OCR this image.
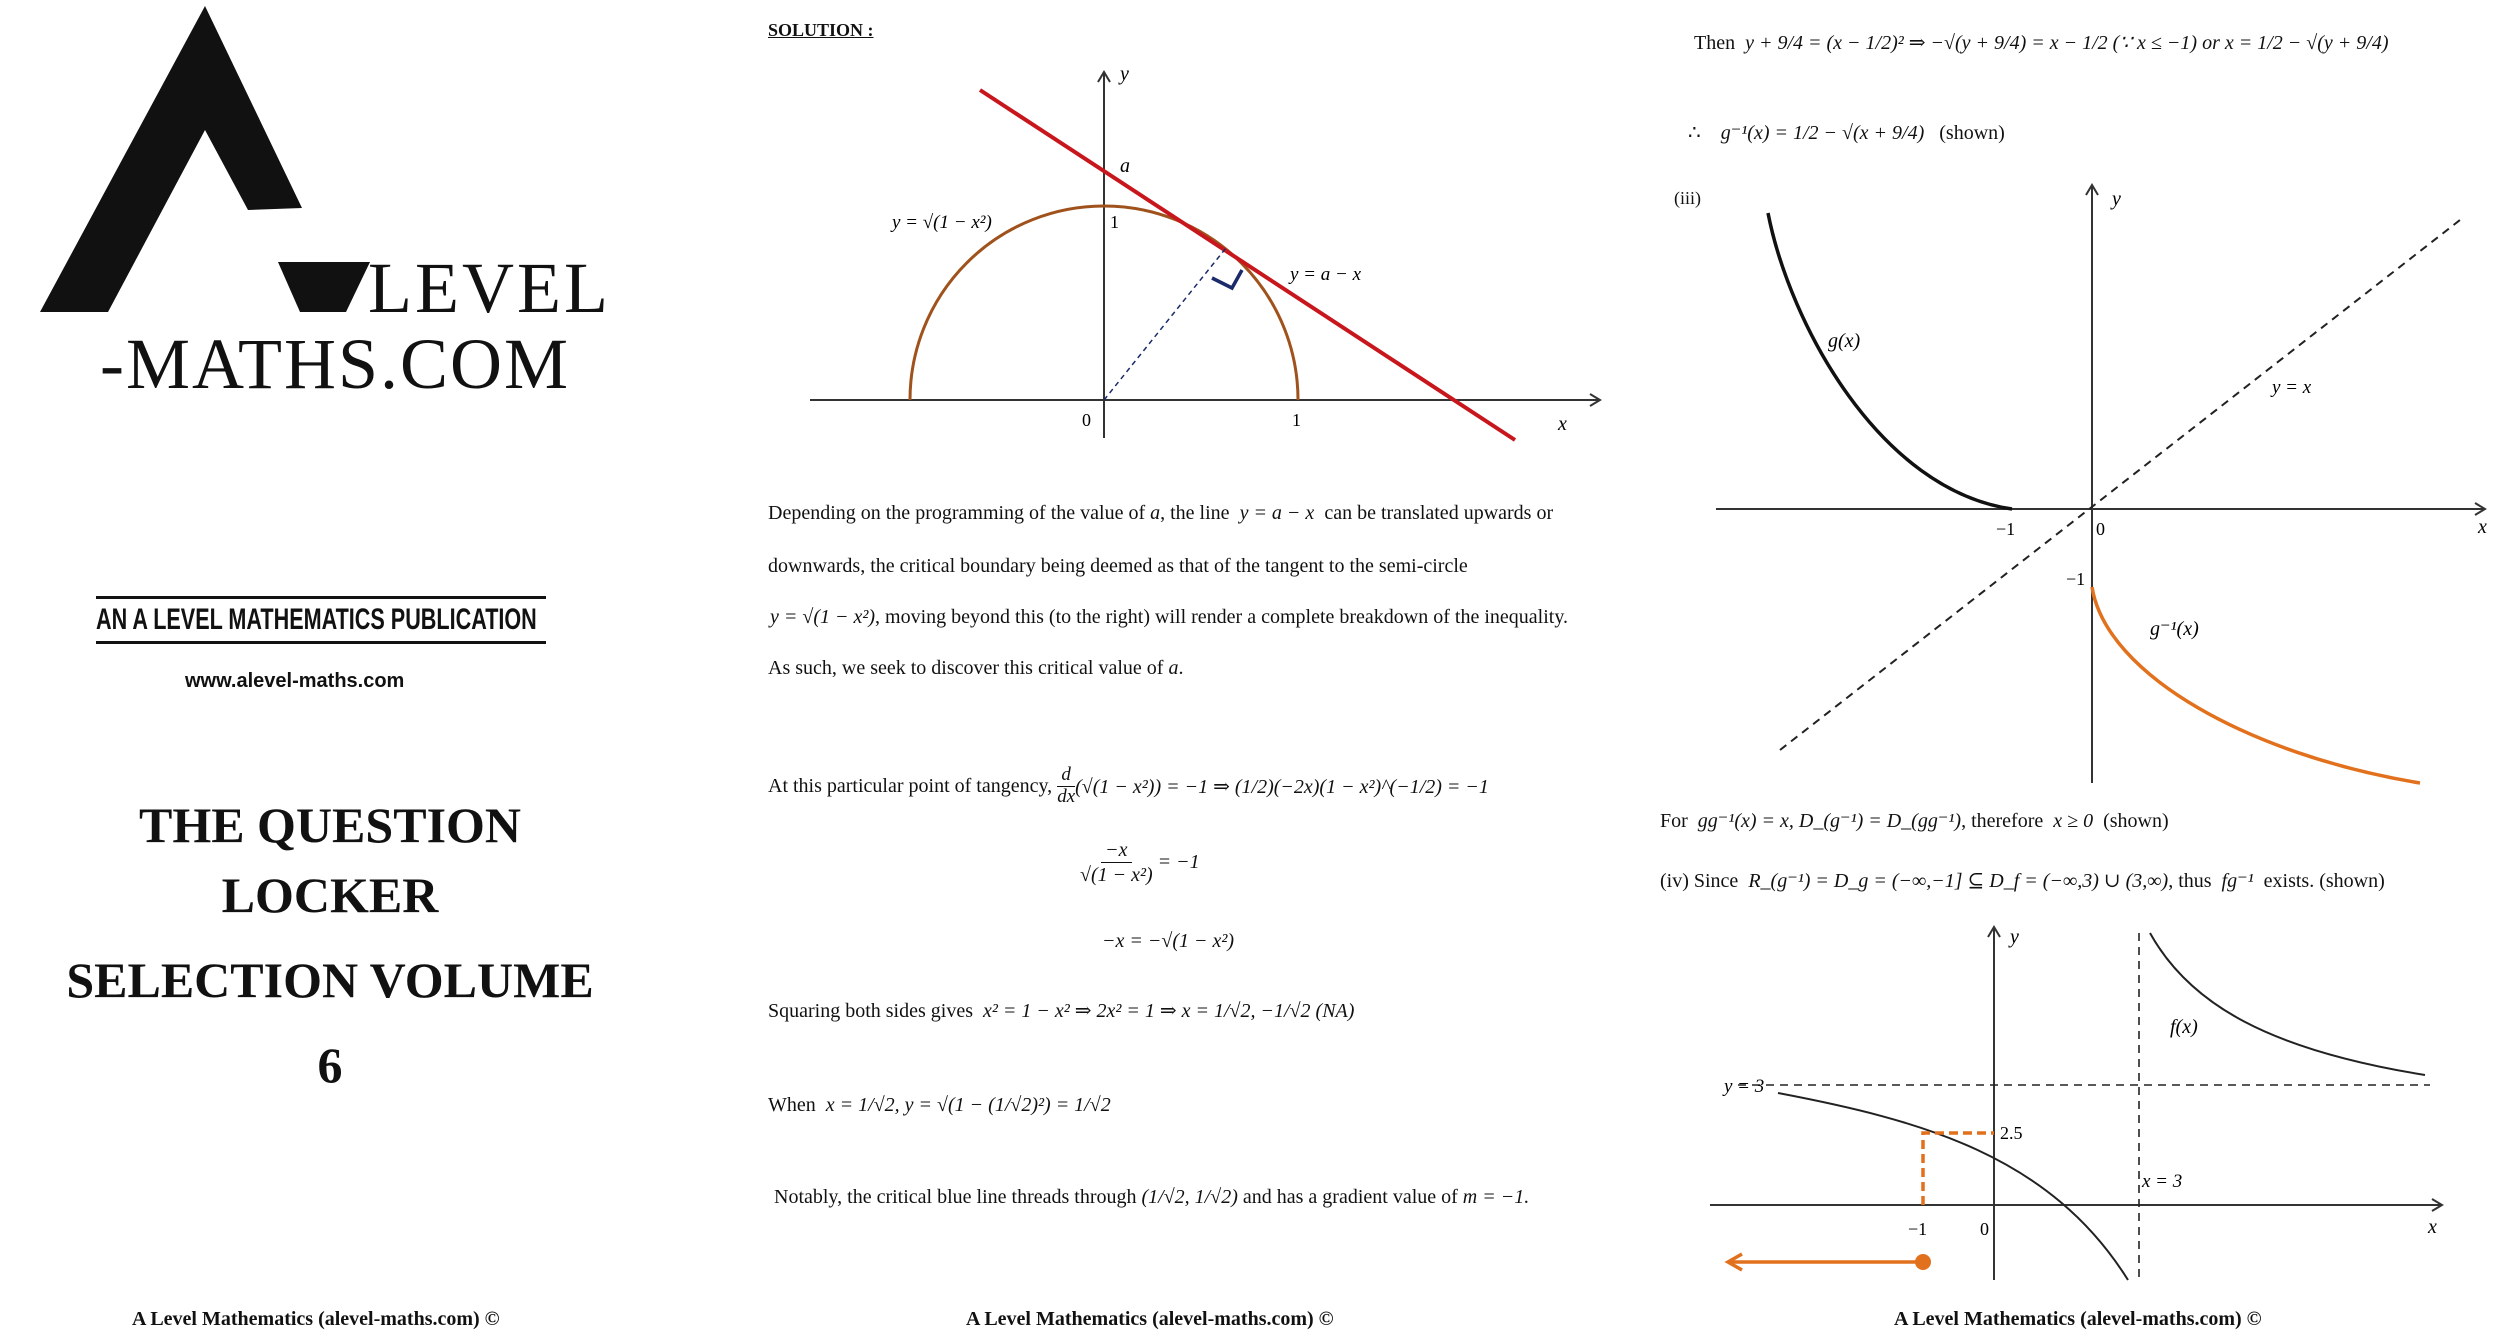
LEVEL
-MATHS.COM
AN A LEVEL MATHEMATICS PUBLICATION
www.alevel-maths.com
THE QUESTION
LOCKER
SELECTION VOLUME
6
A Level Mathematics (alevel-maths.com) ©
SOLUTION :
y
x
a
1
0	1
y = √(1 − x²)
y = a − x
Depending on the programming of the value of a, the line y = a − x can be translated upwards or
downwards, the critical boundary being deemed as that of the tangent to the semi-circle
y = √(1 − x²), moving beyond this (to the right) will render a complete breakdown of the inequality.
As such, we seek to discover this critical value of a.
At this particular point of tangency,
$\frac{d}{dx} (√(1 - x^2)) = -1$ ⇒ (1/2)(−2x)(1 − x²)^(−1/2) = −1
$\frac{-x}{\text{√(1 − x²)}}$
= −1
−x = −√(1 − x²)
Squaring both sides gives x² = 1 − x² ⇒ 2x² = 1 ⇒ x = 1/√2, −1/√2 (NA)
When x = 1/√2, y = √(1 − (1/√2)²) = 1/√2
Notably, the critical blue line threads through (1/√2, 1/√2) and has a gradient value of m = −1.
A Level Mathematics (alevel-maths.com) ©
Then y + 9/4 = (x − 1/2)² ⇒ −√(y + 9/4) = x − 1/2 (∵ x ≤ −1) or x = 1/2 − √(y + 9/4)
∴ g⁻¹(x) = 1/2 − √(x + 9/4) (shown)
(iii)	y
x
g(x)
y = x
−1	0
−1
g⁻¹(x)
For gg⁻¹(x) = x, D_(g⁻¹) = D_(gg⁻¹), therefore x ≥ 0 (shown)
(iv) Since R_(g⁻¹) = D_g = (−∞,−1] ⊆ D_f = (−∞,3) ∪ (3,∞), thus fg⁻¹ exists. (shown)
y
x
f(x)
y = 3
x = 3
2.5
−1	0
A Level Mathematics (alevel-maths.com) ©
